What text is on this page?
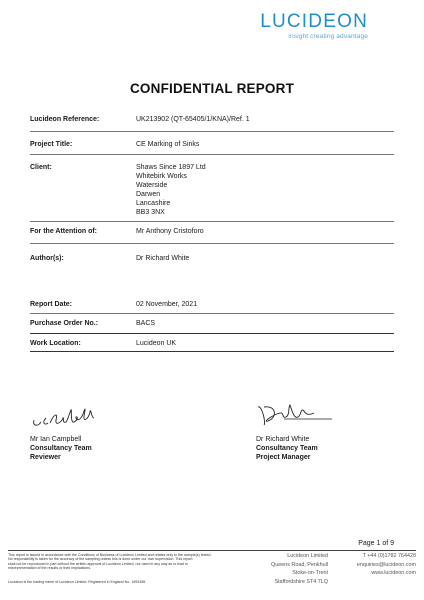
LUCIDEON
insight creating advantage
CONFIDENTIAL REPORT
Lucideon Reference:	UK213902 (QT-65405/1/KNA)/Ref. 1
Project Title:	CE Marking of Sinks
Client:	Shaws Since 1897 Ltd
Whitebirk Works
Waterside
Darwen
Lancashire
BB3 3NX
For the Attention of:	Mr Anthony Cristoforo
Author(s):	Dr Richard White
Report Date:	02 November, 2021
Purchase Order No.:	BACS
Work Location:	Lucideon UK
Mr Ian Campbell
Consultancy Team
Reviewer
Dr Richard White
Consultancy Team
Project Manager
Page 1 of 9
This report is issued in accordance with the Conditions of Business of Lucideon Limited and relates only to the sample(s) tested.
No responsibility is taken for the accuracy of the sampling unless this is done under our own supervision. This report
shall not be reproduced in part without the written approval of Lucideon Limited, nor used in any way as to lead to
misrepresentation of the results or their implications.
Lucideon is the trading name of Lucideon Limited. Registered in England No. 1993456
Lucideon Limited
Queens Road, Penkhull
Stoke-on-Trent
Staffordshire ST4 7LQ
T +44 (0)1782 764428
enquiries@lucideon.com
www.lucideon.com
